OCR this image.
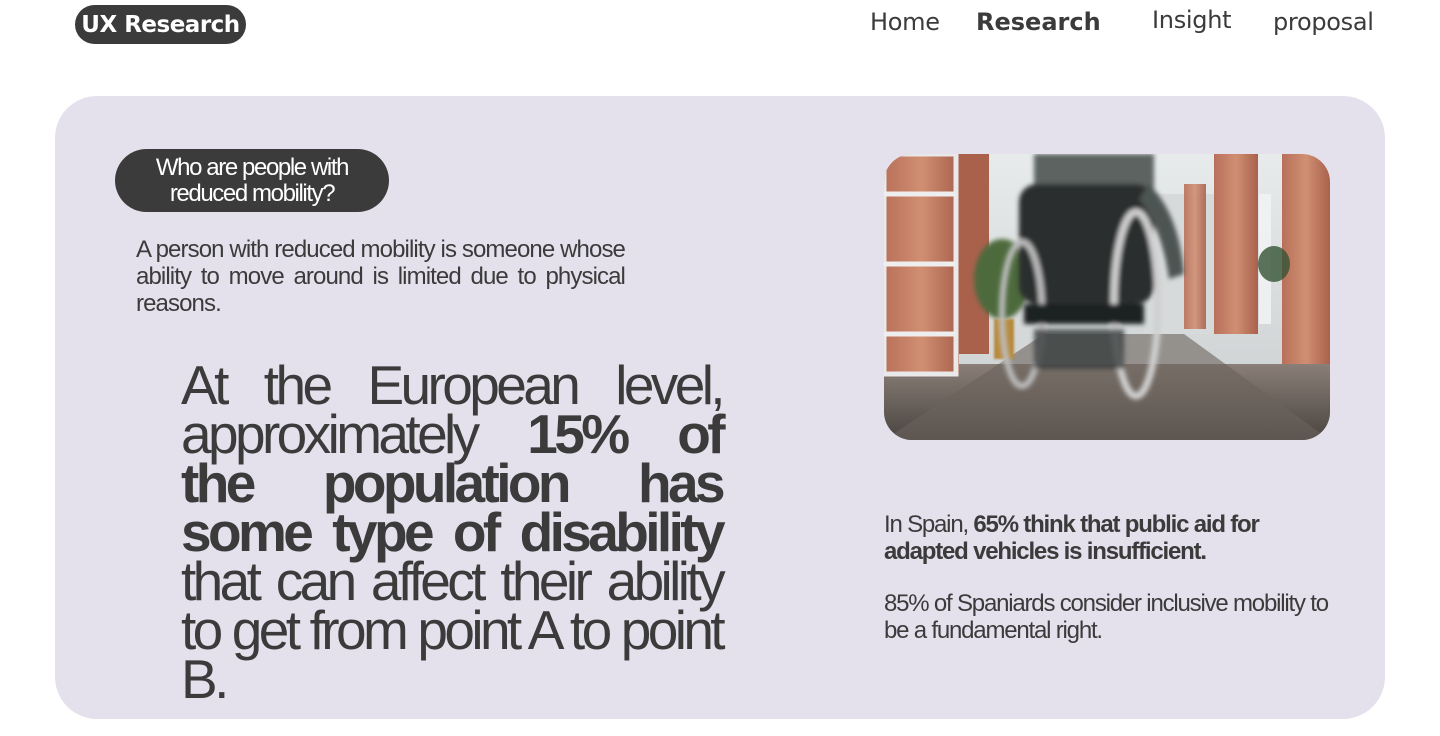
UX Research	Home Research Insight proposal
Who are people with reduced mobility?

A person with reduced mobility is someone whose ability to move around is limited due to physical reasons.

At the European level, approximately 15% of the population has some type of disability that can affect their ability to get from point A to point B.

In Spain, 65% think that public aid for adapted vehicles is insufficient.

85% of Spaniards consider inclusive mobility to be a fundamental right.
